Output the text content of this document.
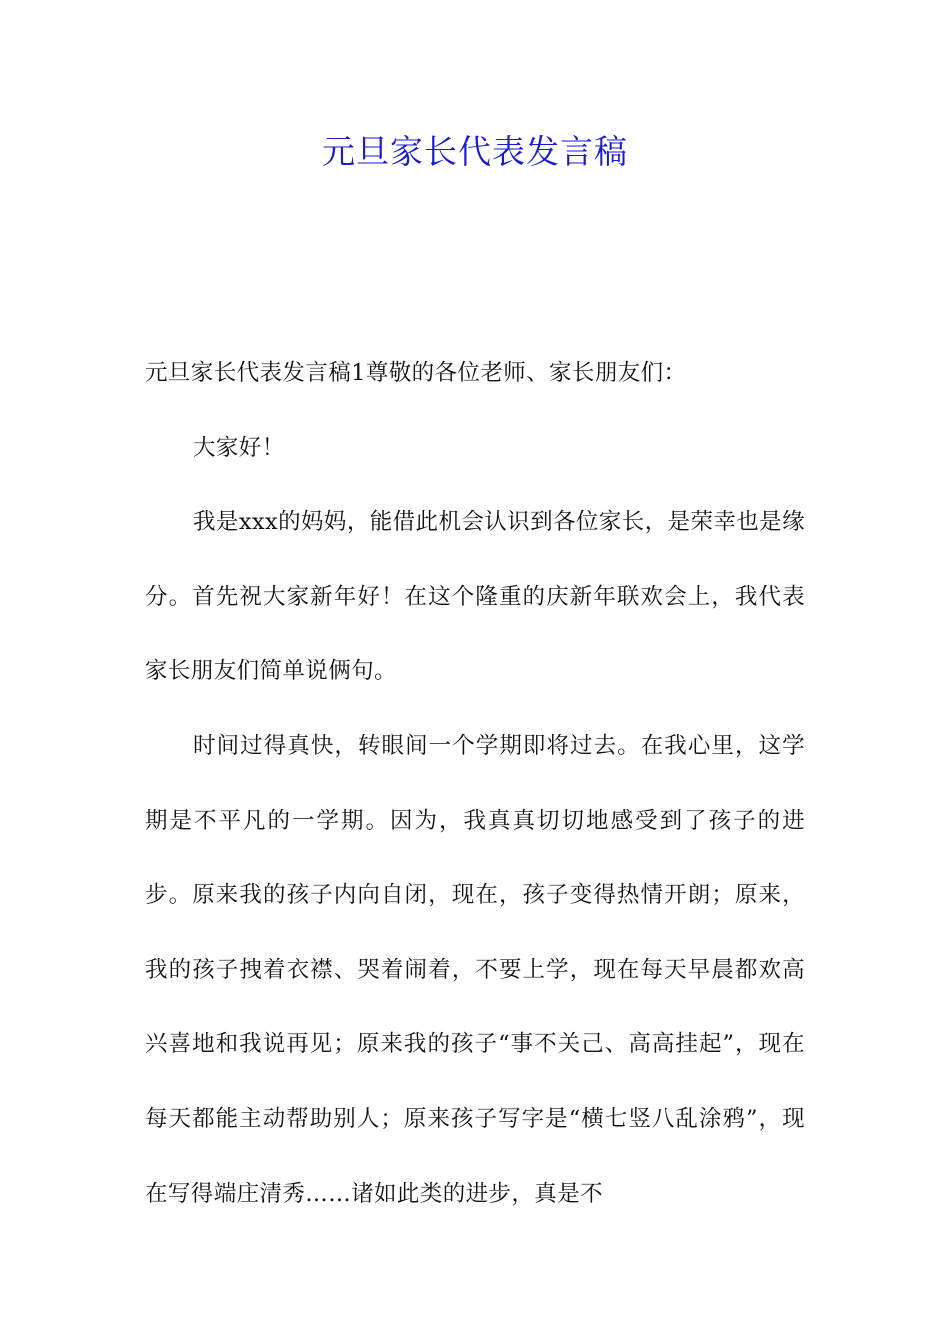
元旦家长代表发言稿

元旦家长代表发言稿1尊敬的各位老师、家长朋友们：

大家好！

我是xxx的妈妈，能借此机会认识到各位家长，是荣幸也是缘分。首先祝大家新年好！在这个隆重的庆新年联欢会上，我代表家长朋友们简单说俩句。

时间过得真快，转眼间一个学期即将过去。在我心里，这学期是不平凡的一学期。因为，我真真切切地感受到了孩子的进步。原来我的孩子内向自闭，现在，孩子变得热情开朗；原来，我的孩子拽着衣襟、哭着闹着，不要上学，现在每天早晨都欢高兴喜地和我说再见；原来我的孩子“事不关己、高高挂起”，现在每天都能主动帮助别人；原来孩子写字是“横七竖八乱涂鸦”，现在写得端庄清秀……诸如此类的进步，真是不
